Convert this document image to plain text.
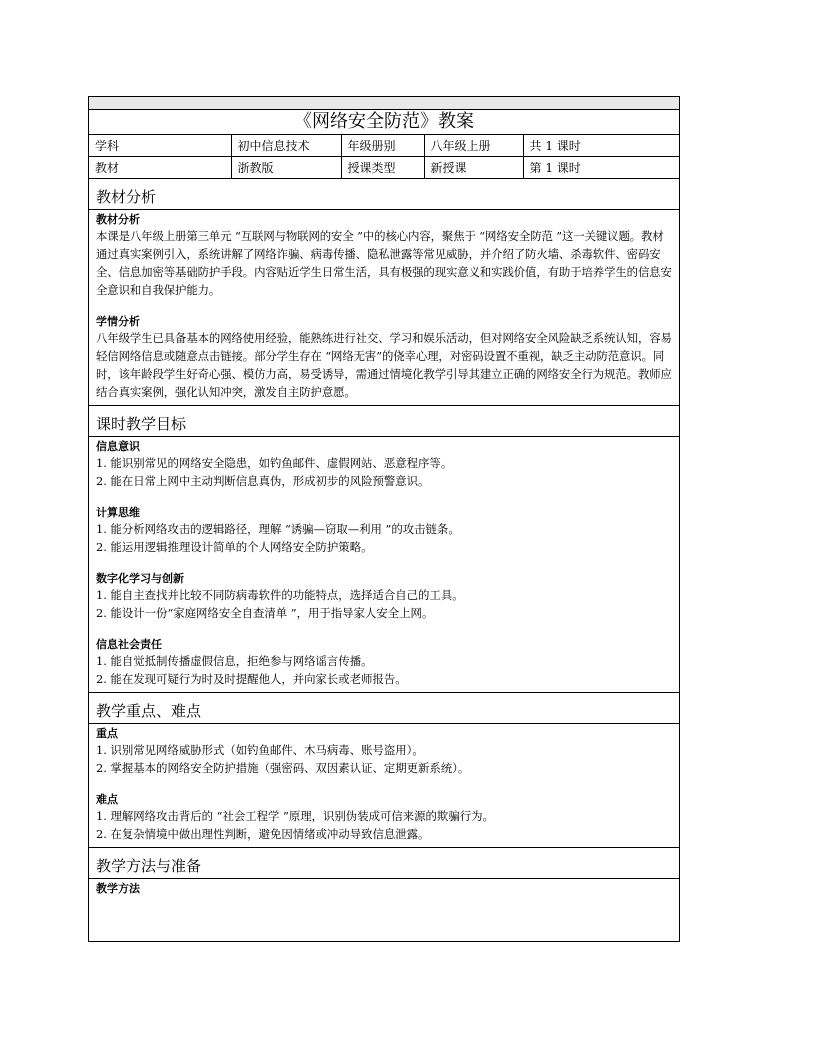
《网络安全防范》教案
学科	初中信息技术	年级册别	八年级上册	共 1 课时
教材	浙教版	授课类型	新授课	第 1 课时
教材分析
教材分析
本课是八年级上册第三单元 “互联网与物联网的安全 ”中的核心内容，聚焦于 “网络安全防范 ”这一关键议题。教材通过真实案例引入，系统讲解了网络诈骗、病毒传播、隐私泄露等常见威胁，并介绍了防火墙、杀毒软件、密码安全、信息加密等基础防护手段。内容贴近学生日常生活，具有极强的现实意义和实践价值，有助于培养学生的信息安全意识和自我保护能力。
学情分析
八年级学生已具备基本的网络使用经验，能熟练进行社交、学习和娱乐活动，但对网络安全风险缺乏系统认知，容易轻信网络信息或随意点击链接。部分学生存在 “网络无害”的侥幸心理，对密码设置不重视，缺乏主动防范意识。同时，该年龄段学生好奇心强、模仿力高，易受诱导，需通过情境化教学引导其建立正确的网络安全行为规范。教师应结合真实案例，强化认知冲突，激发自主防护意愿。
课时教学目标
信息意识
1. 能识别常见的网络安全隐患，如钓鱼邮件、虚假网站、恶意程序等。
2. 能在日常上网中主动判断信息真伪，形成初步的风险预警意识。
计算思维
1. 能分析网络攻击的逻辑路径，理解 “诱骗—窃取—利用 ”的攻击链条。
2. 能运用逻辑推理设计简单的个人网络安全防护策略。
数字化学习与创新
1. 能自主查找并比较不同防病毒软件的功能特点，选择适合自己的工具。
2. 能设计一份“家庭网络安全自查清单 ”，用于指导家人安全上网。
信息社会责任
1. 能自觉抵制传播虚假信息，拒绝参与网络谣言传播。
2. 能在发现可疑行为时及时提醒他人，并向家长或老师报告。
教学重点、难点
重点
1. 识别常见网络威胁形式（如钓鱼邮件、木马病毒、账号盗用）。
2. 掌握基本的网络安全防护措施（强密码、双因素认证、定期更新系统）。
难点
1. 理解网络攻击背后的 “社会工程学 ”原理，识别伪装成可信来源的欺骗行为。
2. 在复杂情境中做出理性判断，避免因情绪或冲动导致信息泄露。
教学方法与准备
教学方法
